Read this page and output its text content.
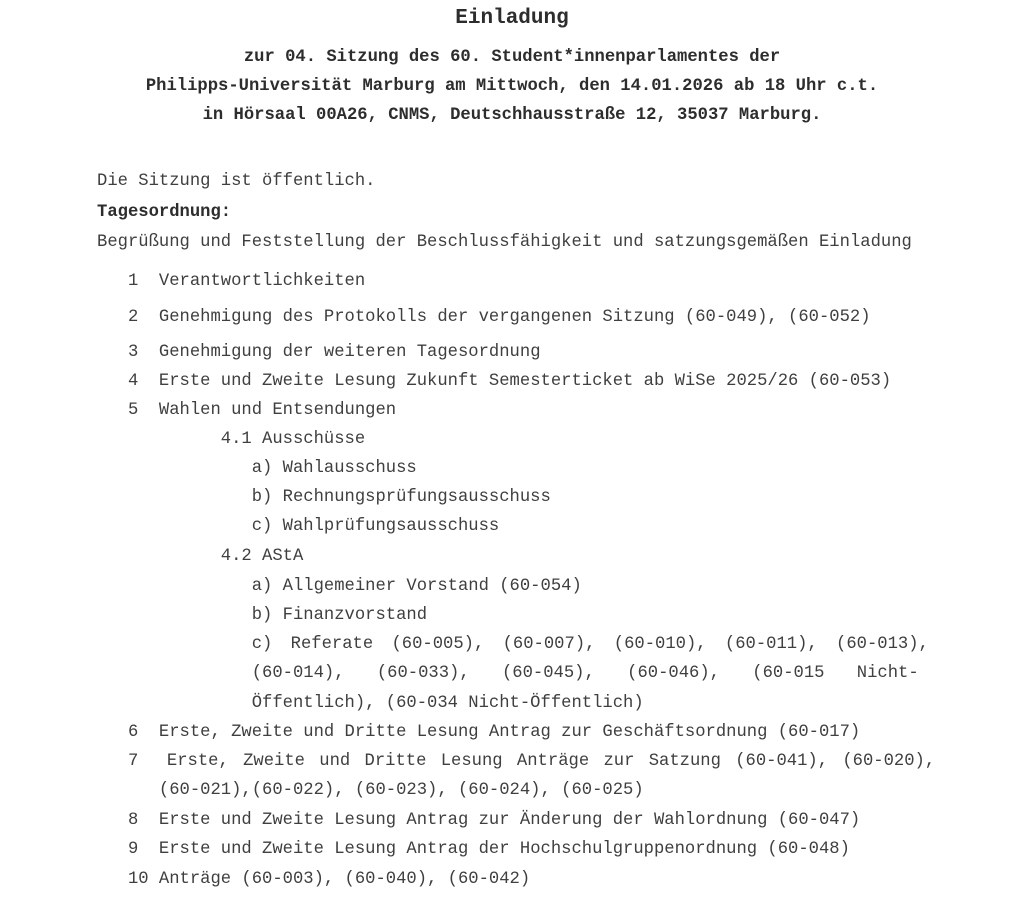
Einladung
zur 04. Sitzung des 60. Student*innenparlamentes der
Philipps-Universität Marburg am Mittwoch, den 14.01.2026 ab 18 Uhr c.t.
in Hörsaal 00A26, CNMS, Deutschhausstraße 12, 35037 Marburg.
Die Sitzung ist öffentlich.
Tagesordnung:
Begrüßung und Feststellung der Beschlussfähigkeit und satzungsgemäßen Einladung
1  Verantwortlichkeiten
2  Genehmigung des Protokolls der vergangenen Sitzung (60-049), (60-052)
3  Genehmigung der weiteren Tagesordnung
4  Erste und Zweite Lesung Zukunft Semesterticket ab WiSe 2025/26 (60-053)
5  Wahlen und Entsendungen
4.1 Ausschüsse
a) Wahlausschuss
b) Rechnungsprüfungsausschuss
c) Wahlprüfungsausschuss
4.2 AStA
a) Allgemeiner Vorstand (60-054)
b) Finanzvorstand
c) Referate (60-005), (60-007), (60-010), (60-011), (60-013),
(60-014), (60-033), (60-045), (60-046), (60-015 Nicht-
Öffentlich), (60-034 Nicht-Öffentlich)
6  Erste, Zweite und Dritte Lesung Antrag zur Geschäftsordnung (60-017)
7  Erste, Zweite und Dritte Lesung Anträge zur Satzung (60-041), (60-020),
(60-021),(60-022), (60-023), (60-024), (60-025)
8  Erste und Zweite Lesung Antrag zur Änderung der Wahlordnung (60-047)
9  Erste und Zweite Lesung Antrag der Hochschulgruppenordnung (60-048)
10 Anträge (60-003), (60-040), (60-042)
